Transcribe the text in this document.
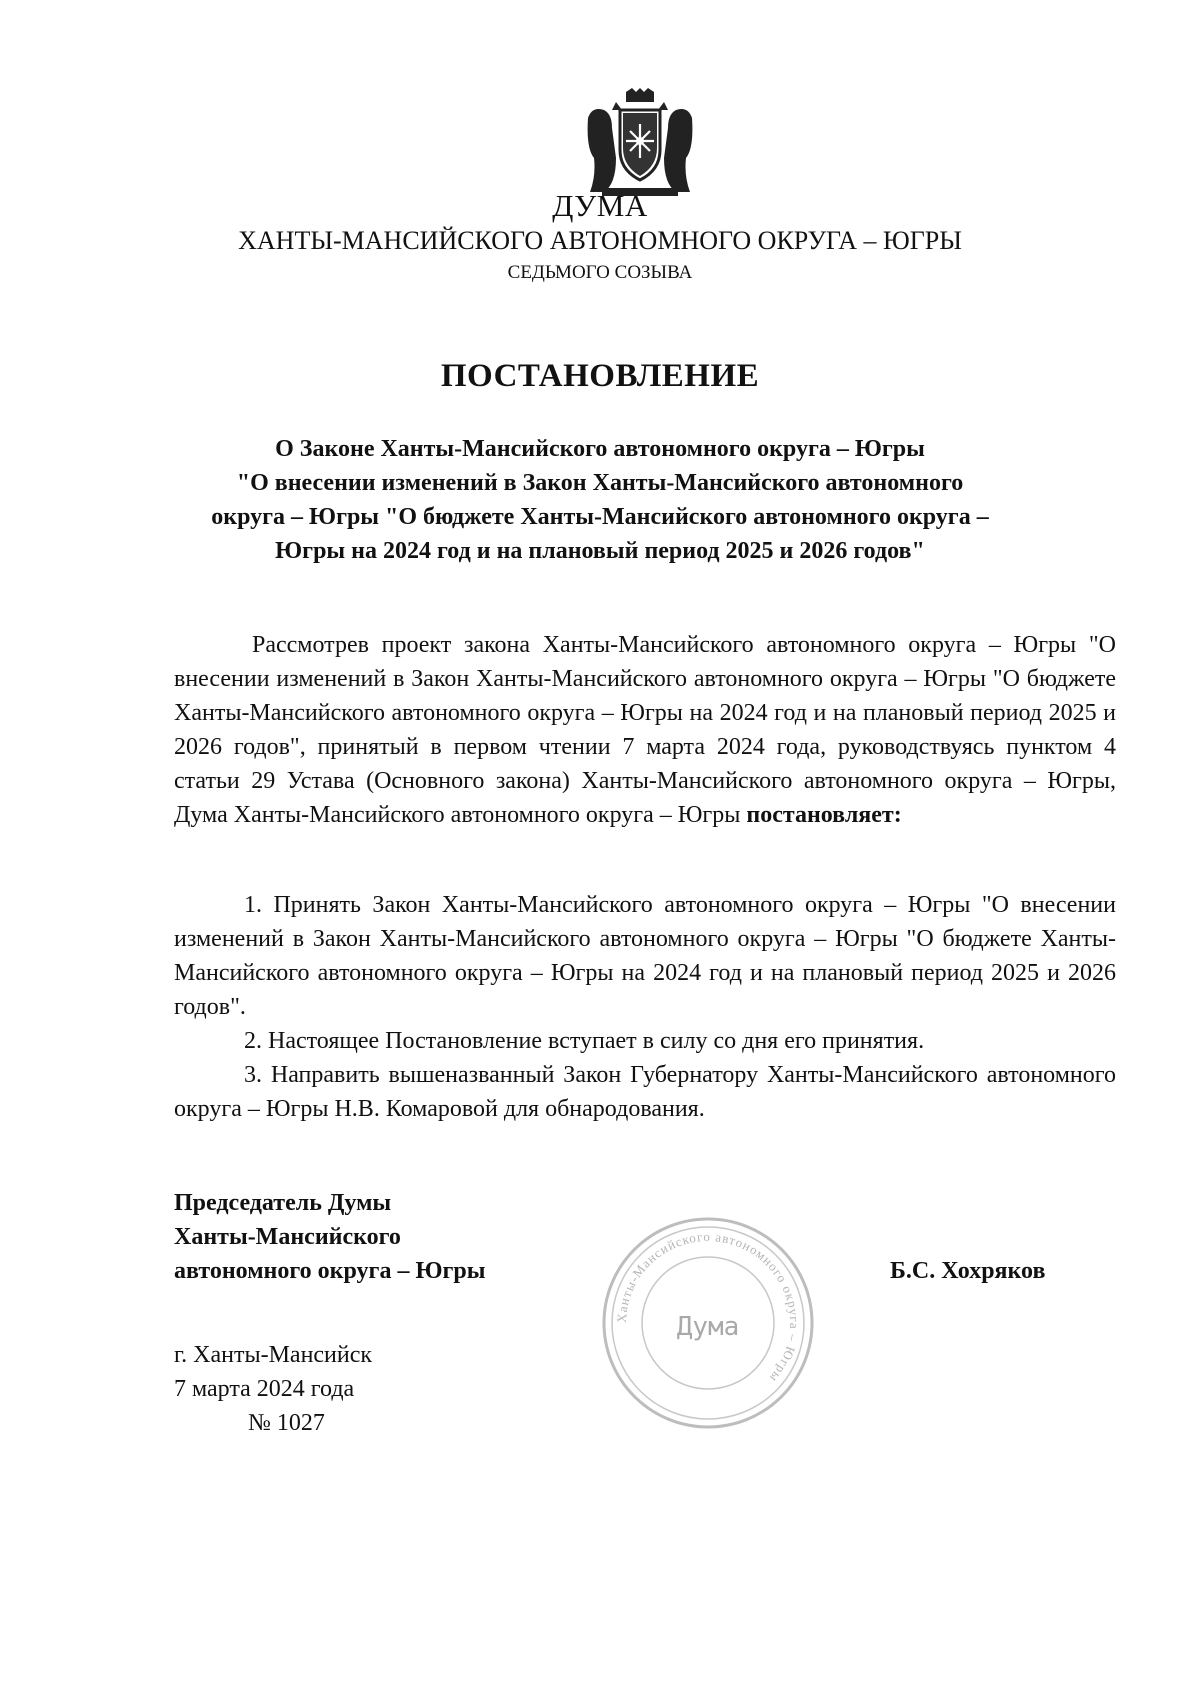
ДУМА
ХАНТЫ-МАНСИЙСКОГО АВТОНОМНОГО ОКРУГА – ЮГРЫ
СЕДЬМОГО СОЗЫВА
ПОСТАНОВЛЕНИЕ
О Законе Ханты-Мансийского автономного округа – Югры
"О внесении изменений в Закон Ханты-Мансийского автономного
округа – Югры "О бюджете Ханты-Мансийского автономного округа –
Югры на 2024 год и на плановый период 2025 и 2026 годов"
Рассмотрев проект закона Ханты-Мансийского автономного округа – Югры "О внесении изменений в Закон Ханты-Мансийского автономного округа – Югры "О бюджете Ханты-Мансийского автономного округа – Югры на 2024 год и на плановый период 2025 и 2026 годов", принятый в первом чтении 7 марта 2024 года, руководствуясь пунктом 4 статьи 29 Устава (Основного закона) Ханты-Мансийского автономного округа – Югры, Дума Ханты-Мансийского автономного округа – Югры постановляет:

1. Принять Закон Ханты-Мансийского автономного округа – Югры "О внесении изменений в Закон Ханты-Мансийского автономного округа – Югры "О бюджете Ханты-Мансийского автономного округа – Югры на 2024 год и на плановый период 2025 и 2026 годов".

2. Настоящее Постановление вступает в силу со дня его принятия.

3. Направить вышеназванный Закон Губернатору Ханты-Мансийского автономного округа – Югры Н.В. Комаровой для обнародования.

Председатель Думы
Ханты-Мансийского
автономного округа – Югры
Ханты-Мансийского автономного округа – Югры
Дума
Б.С. Хохряков
г. Ханты-Мансийск
7 марта 2024 года
№ 1027
